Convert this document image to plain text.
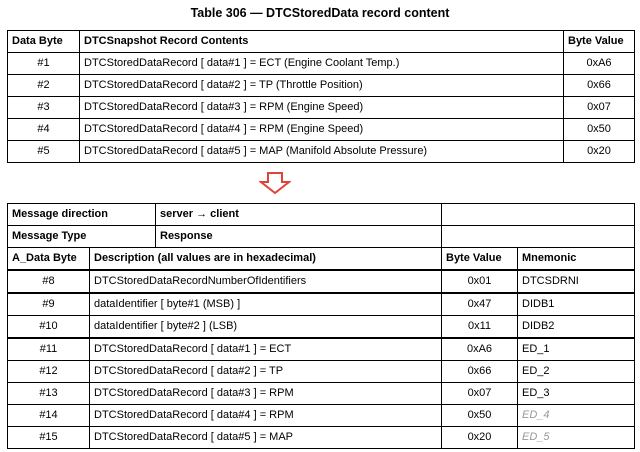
Table 306 — DTCStoredData record content
Data Byte	DTCSnapshot Record Contents	Byte Value
#1	DTCStoredDataRecord [ data#1 ] = ECT (Engine Coolant Temp.)	0xA6
#2	DTCStoredDataRecord [ data#2 ] = TP (Throttle Position)	0x66
#3	DTCStoredDataRecord [ data#3 ] = RPM (Engine Speed)	0x07
#4	DTCStoredDataRecord [ data#4 ] = RPM (Engine Speed)	0x50
#5	DTCStoredDataRecord [ data#5 ] = MAP (Manifold Absolute Pressure)	0x20
Message direction server → client			

Message Type Response			

A_Data Byte	Description (all values are in hexadecimal)	Byte Value	Mnemonic
#8	DTCStoredDataRecordNumberOfIdentifiers	0x01	DTCSDRNI
#9	dataIdentifier [ byte#1 (MSB) ]	0x47	DIDB1
#10	dataIdentifier [ byte#2 ] (LSB)	0x11	DIDB2
#11	DTCStoredDataRecord [ data#1 ] = ECT	0xA6	ED_1
#12	DTCStoredDataRecord [ data#2 ] = TP	0x66	ED_2
#13	DTCStoredDataRecord [ data#3 ] = RPM	0x07	ED_3
#14	DTCStoredDataRecord [ data#4 ] = RPM	0x50	ED_4
#15	DTCStoredDataRecord [ data#5 ] = MAP	0x20	ED_5
